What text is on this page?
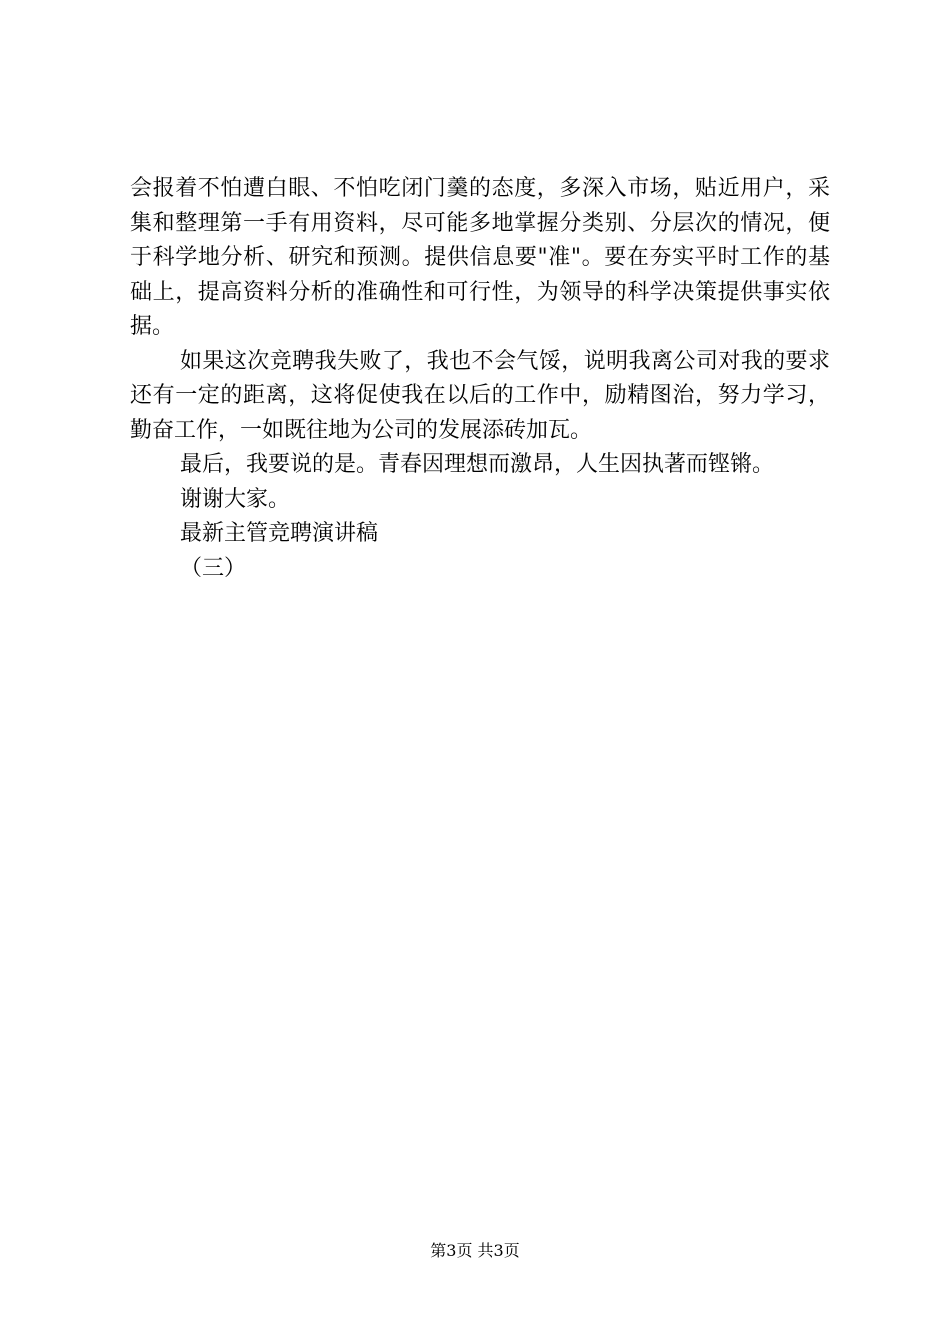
会报着不怕遭白眼、不怕吃闭门羹的态度，多深入市场，贴近用户，采集和整理第一手有用资料，尽可能多地掌握分类别、分层次的情况，便于科学地分析、研究和预测。提供信息要"准"。要在夯实平时工作的基础上，提高资料分析的准确性和可行性，为领导的科学决策提供事实依据。

如果这次竞聘我失败了，我也不会气馁，说明我离公司对我的要求还有一定的距离，这将促使我在以后的工作中，励精图治，努力学习，勤奋工作，一如既往地为公司的发展添砖加瓦。

最后，我要说的是。青春因理想而激昂，人生因执著而铿锵。

谢谢大家。

最新主管竞聘演讲稿

（三）

第3页 共3页
